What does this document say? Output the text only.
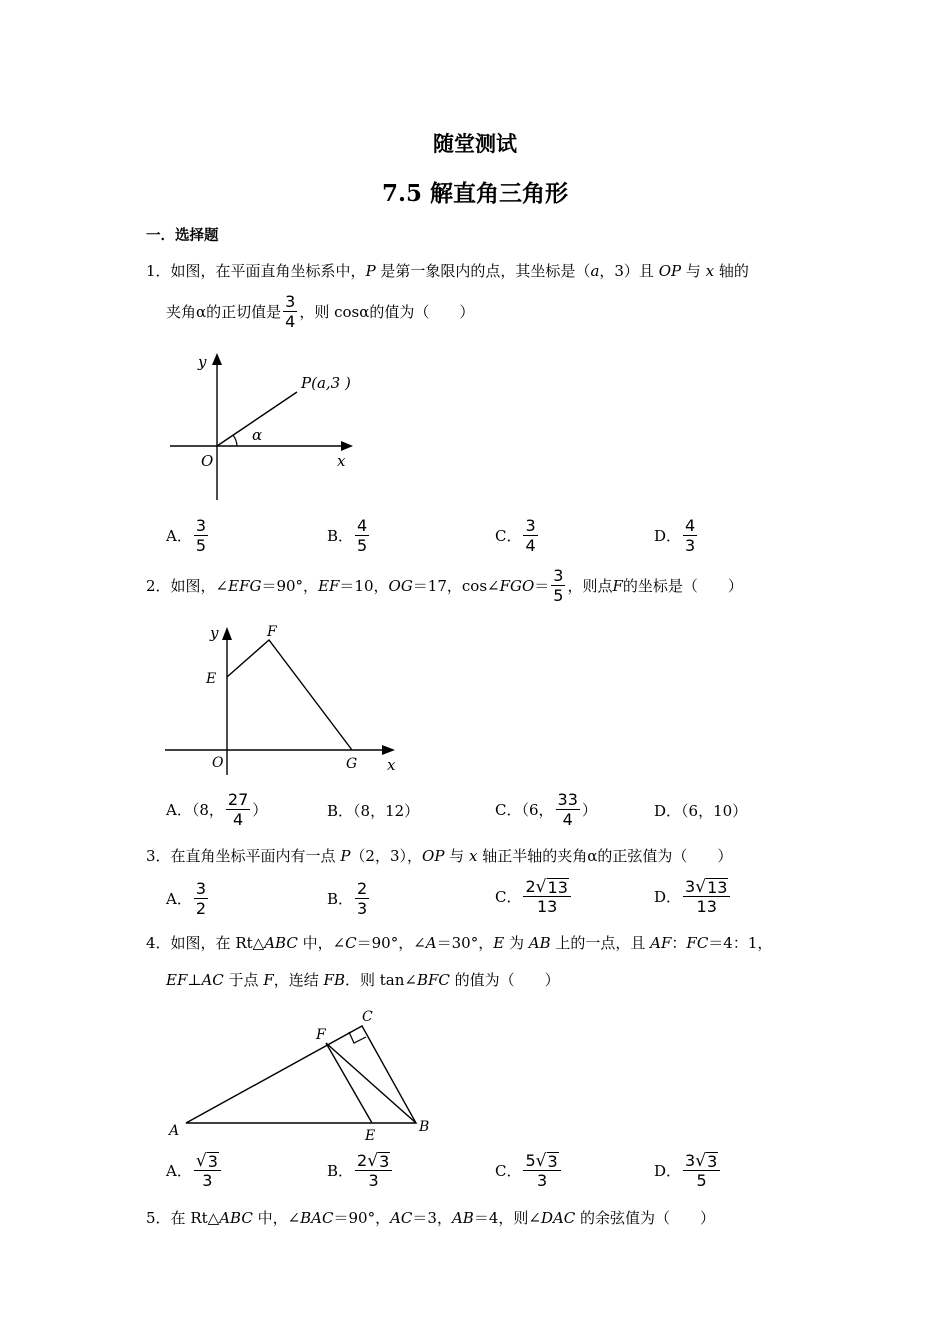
随堂测试
7.5 解直角三角形
一．选择题
1．如图，在平面直角坐标系中，P 是第一象限内的点，其坐标是（a，3）且 OP 与 x 轴的
夹角α的正切值是 $\frac{3}{4}$ ，则 cosα的值为（　　）
y
x
O
P(a,3 )
α
A． $\frac{3}{5}$	B． $\frac{4}{5}$	C． $\frac{3}{4}$	D． $\frac{4}{3}$
2． 如图，∠ EFG ＝90°， EF ＝10， OG ＝17，cos∠ FGO ＝ $\frac{3}{5}$ ，则点 F 的坐标是（　　）
y
x
O
E
F
G
A．（8， $\frac{27}{4}$ ）	B．（8，12）	C．（6， $\frac{33}{4}$ ）	D．（6，10）
3．在直角坐标平面内有一点 P（2，3），OP 与 x 轴正半轴的夹角α的正弦值为（　　）
A． $\frac{3}{2}$	B． $\frac{2}{3}$	C． $\frac{2 √ 13}{13}$	D． $\frac{3 √ 13}{13}$
4．如图，在 Rt△ABC 中，∠C＝90°，∠A＝30°，E 为 AB 上的一点，且 AF：FC＝4：1，
EF⊥AC 于点 F，连结 FB．则 tan∠BFC 的值为（　　）
A	B
C
E
F
A． $\frac{√ 3}{3}$	B． $\frac{2 √ 3}{3}$	C． $\frac{5 √ 3}{3}$	D． $\frac{3 √ 3}{5}$
5．在 Rt△ABC 中，∠BAC＝90°，AC＝3，AB＝4，则∠DAC 的余弦值为（　　）
